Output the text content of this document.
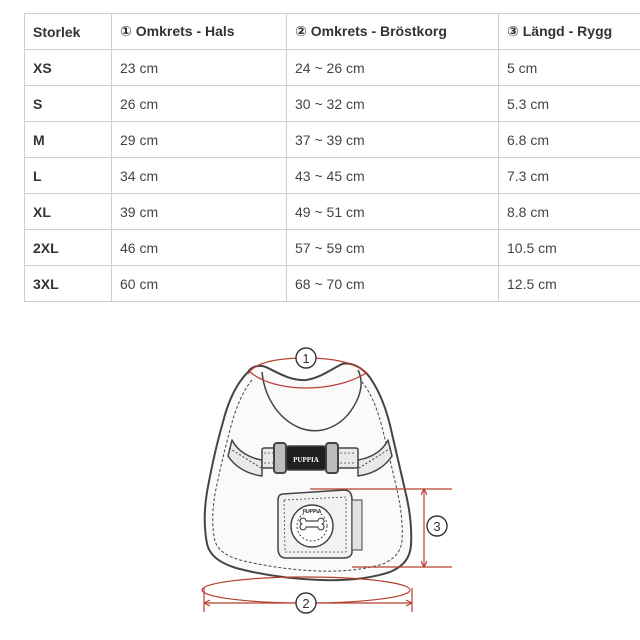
Storlek	① Omkrets - Hals	② Omkrets - Bröstkorg	③ Längd - Rygg
XS	23 cm	24 ~ 26 cm	5 cm
S	26 cm	30 ~ 32 cm	5.3 cm
M	29 cm	37 ~ 39 cm	6.8 cm
L	34 cm	43 ~ 45 cm	7.3 cm
XL	39 cm	49 ~ 51 cm	8.8 cm
2XL	46 cm	57 ~ 59 cm	10.5 cm
3XL	60 cm	68 ~ 70 cm	12.5 cm
PUPPIA
PUPPIA
1
2
3
